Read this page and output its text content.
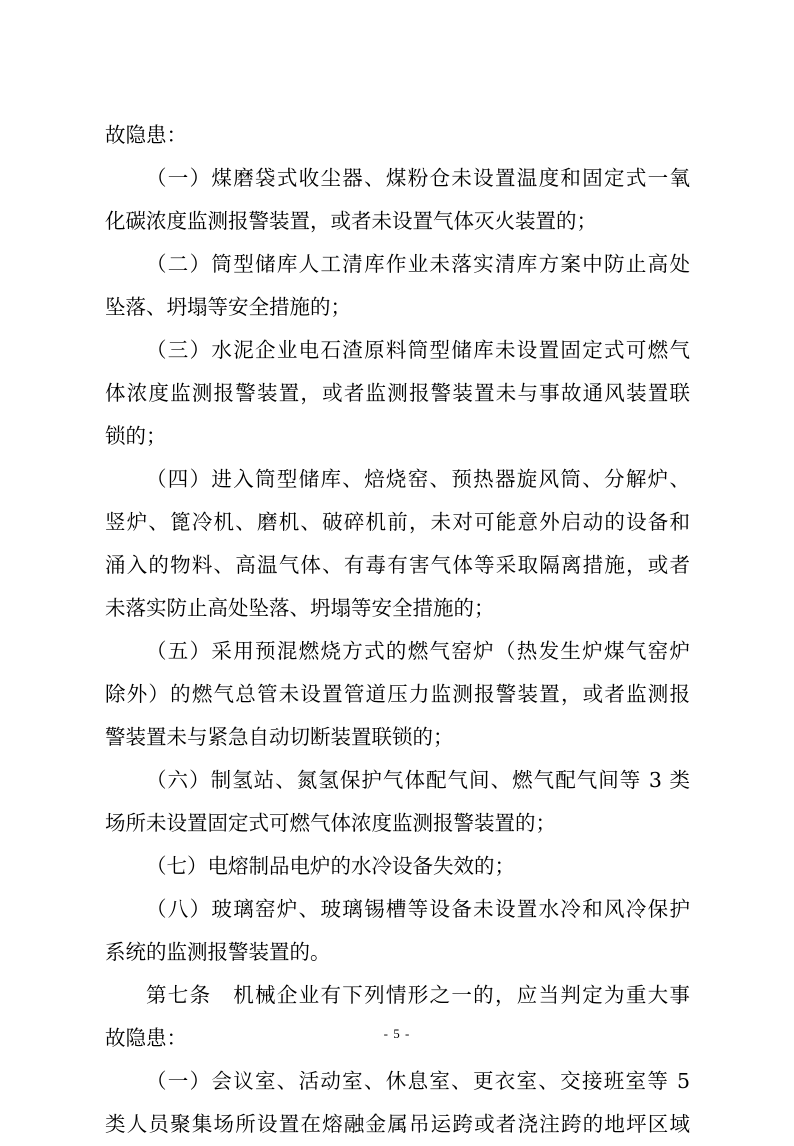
故隐患：
（一）煤磨袋式收尘器、煤粉仓未设置温度和固定式一氧
化碳浓度监测报警装置，或者未设置气体灭火装置的；
（二）筒型储库人工清库作业未落实清库方案中防止高处
坠落、坍塌等安全措施的；
（三）水泥企业电石渣原料筒型储库未设置固定式可燃气
体浓度监测报警装置，或者监测报警装置未与事故通风装置联
锁的；
（四）进入筒型储库、焙烧窑、预热器旋风筒、分解炉、
竖炉、篦冷机、磨机、破碎机前，未对可能意外启动的设备和
涌入的物料、高温气体、有毒有害气体等采取隔离措施，或者
未落实防止高处坠落、坍塌等安全措施的；
（五）采用预混燃烧方式的燃气窑炉（热发生炉煤气窑炉
除外）的燃气总管未设置管道压力监测报警装置，或者监测报
警装置未与紧急自动切断装置联锁的；
（六）制氢站、氮氢保护气体配气间、燃气配气间等 3 类
场所未设置固定式可燃气体浓度监测报警装置的；
（七）电熔制品电炉的水冷设备失效的；
（八）玻璃窑炉、玻璃锡槽等设备未设置水冷和风冷保护
系统的监测报警装置的。
第七条　机械企业有下列情形之一的，应当判定为重大事
故隐患：
（一）会议室、活动室、休息室、更衣室、交接班室等 5
类人员聚集场所设置在熔融金属吊运跨或者浇注跨的地坪区域
- 5 -
